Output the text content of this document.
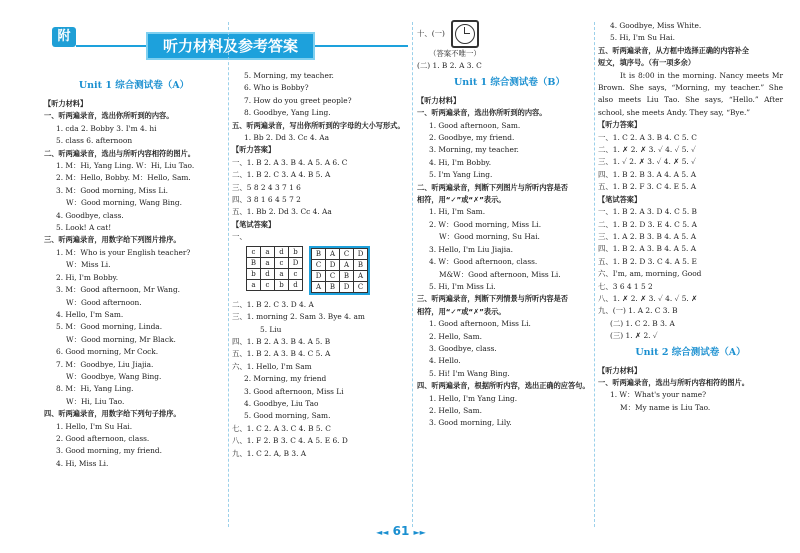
附
听力材料及参考答案
Unit 1 综合测试卷（A）
【听力材料】
一、听两遍录音，选出你所听到的内容。
1. cda 2. Bobby 3. I'm 4. hi
5. class 6. afternoon
二、听两遍录音，选出与所听内容相符的图片。
1. M：Hi, Yang Ling. W：Hi, Liu Tao.
2. M：Hello, Bobby. M：Hello, Sam.
3. M：Good morning, Miss Li.
W：Good morning, Wang Bing.
4. Goodbye, class.
5. Look! A cat!
三、听两遍录音，用数字给下列图片排序。
1. M：Who is your English teacher?
W：Miss Li.
2. Hi, I'm Bobby.
3. M：Good afternoon, Mr Wang.
W：Good afternoon.
4. Hello, I'm Sam.
5. M：Good morning, Linda.
W：Good morning, Mr Black.
6. Good morning, Mr Cock.
7. M：Goodbye, Liu Jiajia.
W：Goodbye, Wang Bing.
8. M：Hi, Yang Ling.
W：Hi, Liu Tao.
四、听两遍录音，用数字给下列句子排序。
1. Hello, I'm Su Hai.
2. Good afternoon, class.
3. Good morning, my friend.
4. Hi, Miss Li.
5. Morning, my teacher.
6. Who is Bobby?
7. How do you greet people?
8. Goodbye, Yang Ling.
五、听两遍录音，写出你所听到的字母的大小写形式。
1. Bb 2. Dd 3. Cc 4. Aa
【听力答案】
一、1. B 2. A 3. B 4. A 5. A 6. C
二、1. B 2. C 3. A 4. B 5. A
三、5 8 2 4 3 7 1 6
四、3 8 1 6 4 5 7 2
五、1. Bb 2. Dd 3. Cc 4. Aa
【笔试答案】
一、
c	a	d	b
B	a	c	D
b	d	a	c
a	c	b	d
B	A	C	D
C	D	A	B
D	C	B	A
A	B	D	C
二、1. B 2. C 3. D 4. A
三、1. morning 2. Sam 3. Bye 4. am
5. Liu
四、1. B 2. A 3. B 4. A 5. B
五、1. B 2. A 3. B 4. C 5. A
六、1. Hello, I'm Sam
2. Morning, my friend
3. Good afternoon, Miss Li
4. Goodbye, Liu Tao
5. Good morning, Sam.
七、1. C 2. A 3. C 4. B 5. C
八、1. F 2. B 3. C 4. A 5. E 6. D
九、1. C 2. A, B 3. A
十、(一)
（答案不唯一）
(二) 1. B 2. A 3. C
Unit 1 综合测试卷（B）
【听力材料】
一、听两遍录音，选出你所听到的内容。
1. Good afternoon, Sam.
2. Goodbye, my friend.
3. Morning, my teacher.
4. Hi, I'm Bobby.
5. I'm Yang Ling.
二、听两遍录音，判断下列图片与所听内容是否
相符，用“✓”或“✗”表示。
1. Hi, I'm Sam.
2. W：Good morning, Miss Li.
W：Good morning, Su Hai.
3. Hello, I'm Liu Jiajia.
4. W：Good afternoon, class.
M&W：Good afternoon, Miss Li.
5. Hi, I'm Miss Li.
三、听两遍录音，判断下列情景与所听内容是否
相符，用“✓”或“✗”表示。
1. Good afternoon, Miss Li.
2. Hello, Sam.
3. Goodbye, class.
4. Hello.
5. Hi! I'm Wang Bing.
四、听两遍录音，根据所听内容，选出正确的应答句。
1. Hello, I'm Yang Ling.
2. Hello, Sam.
3. Good morning, Lily.
4. Goodbye, Miss White.
5. Hi, I'm Su Hai.
五、听两遍录音，从方框中选择正确的内容补全
短文，填序号。（有一项多余）
It is 8:00 in the morning. Nancy meets Mr Brown. She says, “Morning, my teacher.” She also meets Liu Tao. She says, “Hello.” After school, she meets Andy. They say, “Bye.”
【听力答案】
一、1. C 2. A 3. B 4. C 5. C
二、1. ✗ 2. ✗ 3. ✓ 4. ✓ 5. ✓
三、1. ✓ 2. ✗ 3. ✓ 4. ✗ 5. ✓
四、1. B 2. B 3. A 4. A 5. A
五、1. B 2. F 3. C 4. E 5. A
【笔试答案】
一、1. B 2. A 3. D 4. C 5. B
二、1. B 2. D 3. E 4. C 5. A
三、1. A 2. B 3. B 4. A 5. A
四、1. B 2. A 3. B 4. A 5. A
五、1. B 2. D 3. C 4. A 5. E
六、I'm, am, morning, Good
七、3 6 4 1 5 2
八、1. ✗ 2. ✗ 3. ✓ 4. ✓ 5. ✗
九、(一) 1. A 2. C 3. B
(二) 1. C 2. B 3. A
(三) 1. ✗ 2. ✓
Unit 2 综合测试卷（A）
【听力材料】
一、听两遍录音，选出与所听内容相符的图片。
1. W：What's your name?
M：My name is Liu Tao.
◄◄ 61 ►►
